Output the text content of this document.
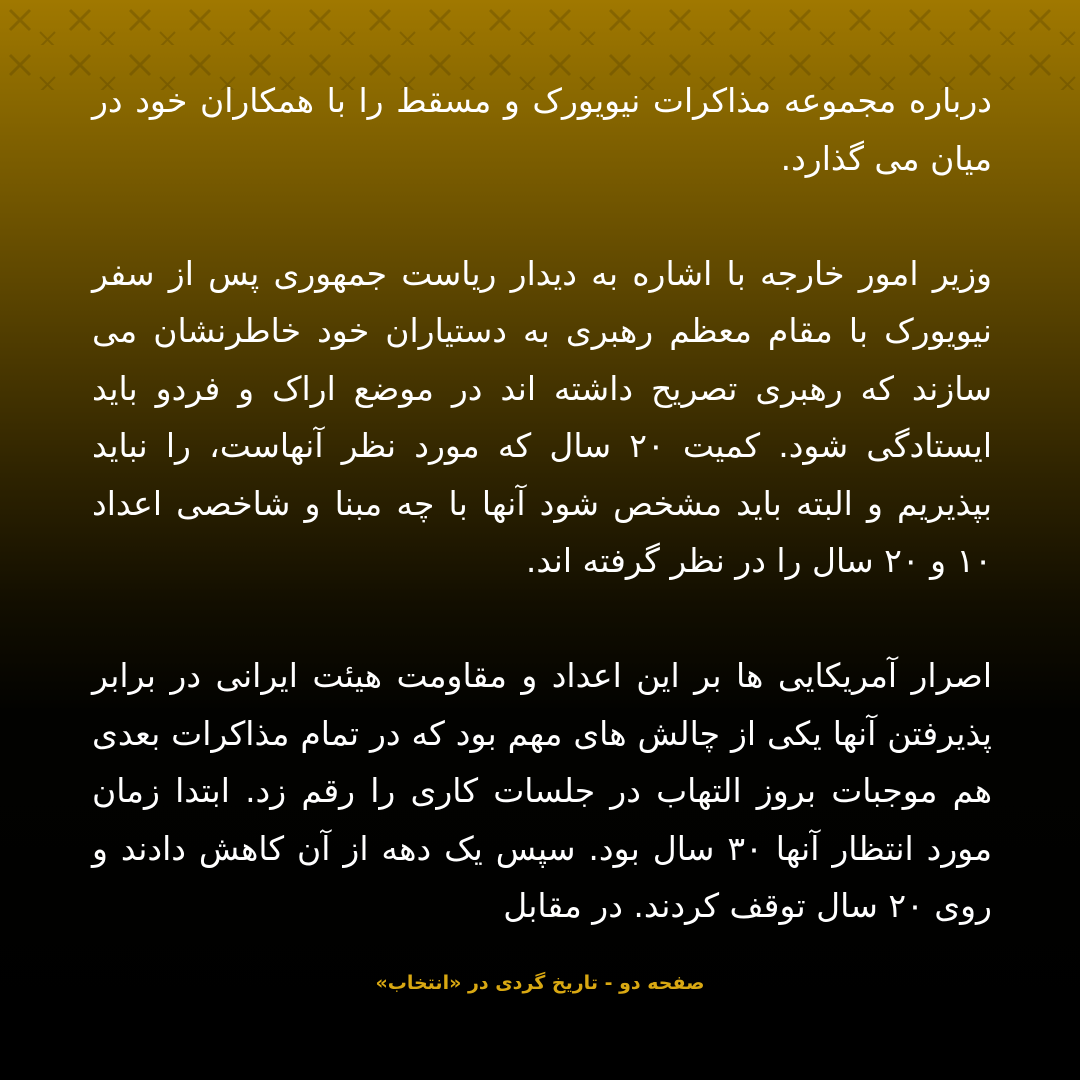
درباره مجموعه مذاکرات نیویورک و مسقط را با همکاران خود در میان می گذارد.

وزیر امور خارجه با اشاره به دیدار ریاست جمهوری پس از سفر نیویورک با مقام معظم رهبری به دستیاران خود خاطرنشان می سازند که رهبری تصریح داشته اند در موضع اراک و فردو باید ایستادگی شود. کمیت ۲۰ سال که مورد نظر آنهاست، را نباید بپذیریم و البته باید مشخص شود آنها با چه مبنا و شاخصی اعداد ۱۰ و ۲۰ سال را در نظر گرفته اند.

اصرار آمریکایی ها بر این اعداد و مقاومت هیئت ایرانی در برابر پذیرفتن آنها یکی از چالش های مهم بود که در تمام مذاکرات بعدی هم موجبات بروز التهاب در جلسات کاری را رقم زد. ابتدا زمان مورد انتظار آنها ۳۰ سال بود. سپس یک دهه از آن کاهش دادند و روی ۲۰ سال توقف کردند. در مقابل

صفحه دو - تاریخ گردی در «انتخاب»
